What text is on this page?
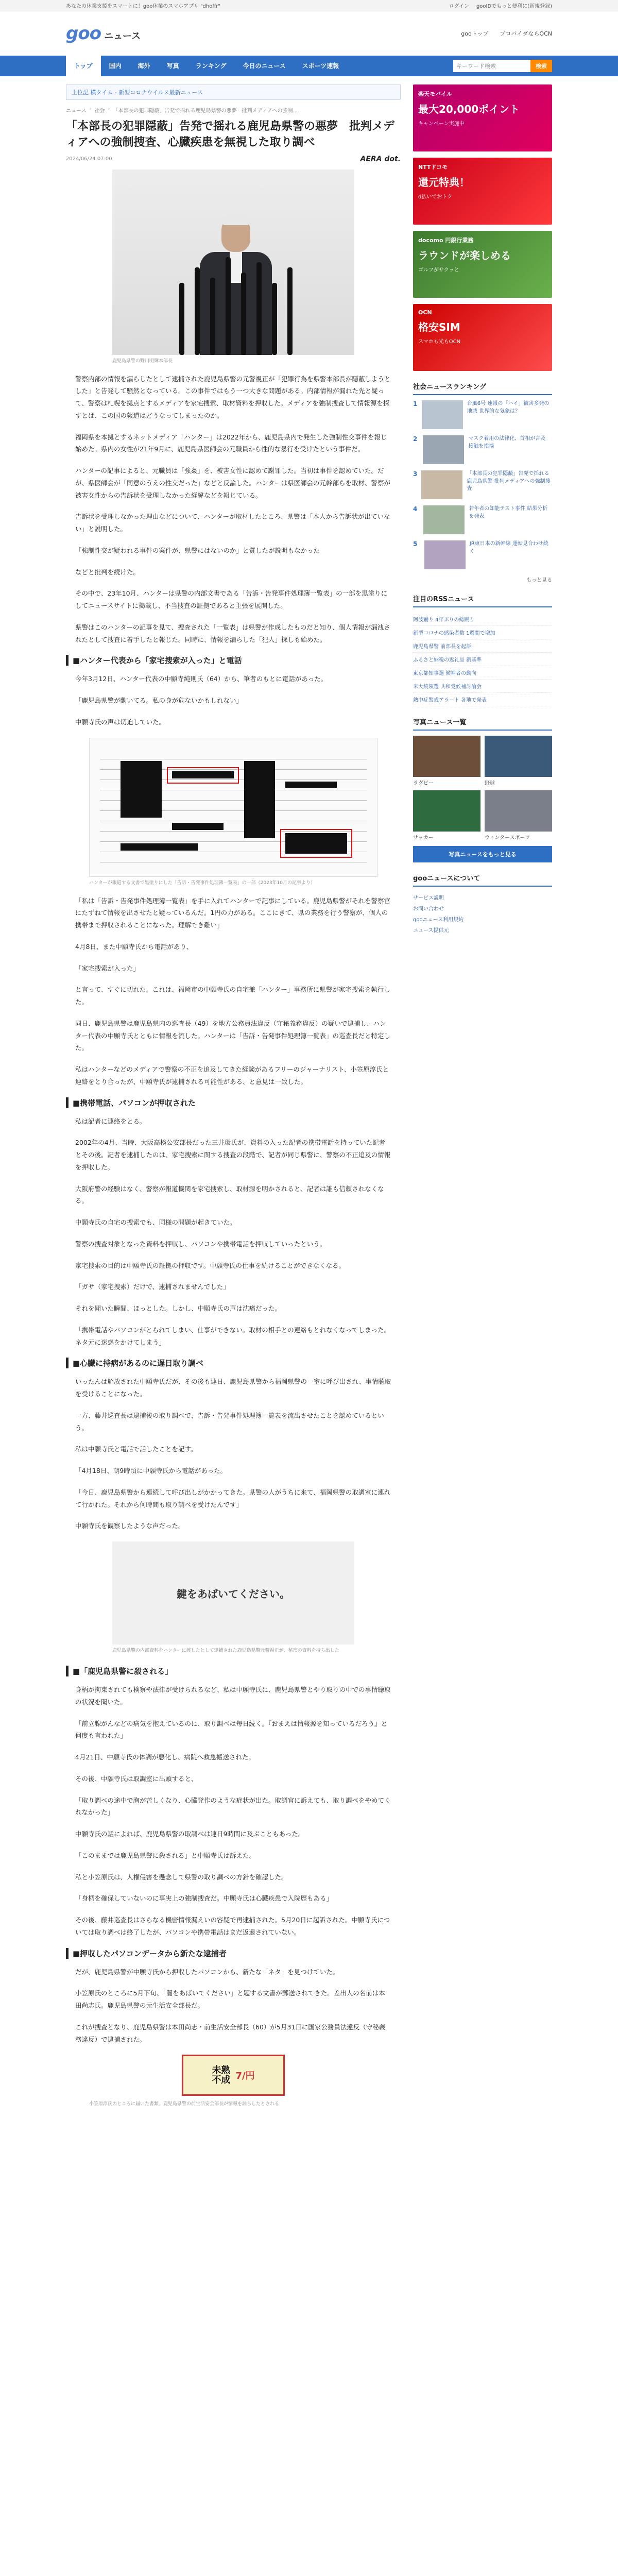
あなたの休業支援をスマートに！goo休業のスマホアプリ "dhoffr"	ログイン gooIDでもっと便利に(新規登録)
goo ニュース	gooトップ プロバイダならOCN
トップ	国内	海外	写真	ランキング	今日のニュース	スポーツ速報
キーワード検索	検索
上位記 横タイム - 新型コロナウイルス最新ニュース
ニュース › 社会 › 「本部長の犯罪隠蔽」告発で揺れる鹿児島県警の悪夢　批判メディアへの強制...
「本部長の犯罪隠蔽」告発で揺れる鹿児島県警の悪夢　批判メディアへの強制捜査、心臓疾患を無視した取り調べ
2024/06/24 07:00	AERA dot.
鹿児島県警の野川明輝本部長

警察内部の情報を漏らしたとして逮捕された鹿児島県警の元警視正が「犯罪行為を県警本部長が隠蔽しようとした」と告発して騒然となっている。この事件ではもう一つ大きな問題がある。内部情報が漏れた先と疑って、警察は札幌を拠点とするメディアを家宅捜索、取材資料を押収した。メディアを強制捜査して情報源を探すとは、この国の報道はどうなってしまったのか。

福岡県を本拠とするネットメディア「ハンター」は2022年から、鹿児島県内で発生した強制性交事件を報じ始めた。県内の女性が21年9月に、鹿児島県医師会の元職員から性的な暴行を受けたという事件だ。

ハンターの記事によると、元職員は「強姦」を、被害女性に認めて謝罪した。当初は事件を認めていた。だが、県医師会が「同意のうえの性交だった」などと反論した。ハンターは県医師会の元幹部らを取材、警察が被害女性からの告訴状を受理しなかった経緯などを報じている。

告訴状を受理しなかった理由などについて、ハンターが取材したところ、県警は「本人から告訴状が出ていない」と説明した。

「強制性交が疑われる事件の案件が、県警にはないのか」と質したが説明もなかった

などと批判を続けた。

その中で、23年10月、ハンターは県警の内部文書である「告訴・告発事件処理簿一覧表」の一部を黒塗りにしてニュースサイトに掲載し、不当捜査の証拠であると主張を展開した。

県警はこのハンターの記事を見て、捜査された「一覧表」は県警が作成したものだと知り、個人情報が漏洩されたとして捜査に着手したと報じた。同時に、情報を漏らした「犯人」探しも始めた。

■ハンター代表から「家宅捜索が入った」と電話

今年3月12日、ハンター代表の中願寺純則氏（64）から、筆者のもとに電話があった。

「鹿児島県警が動いてる。私の身が危ないかもしれない」

中願寺氏の声は切迫していた。

ハンターが報道する文書で黒塗りにした「告訴・告発事件処理簿一覧表」の一部（2023年10月の記事より）

「私は「告訴・告発事件処理簿一覧表」を手に入れてハンターで記事にしている。鹿児島県警がそれを警察官にたずねて情報を出させたと疑っているんだ。1円の力がある。ここにきて、県の業務を行う警察が、個人の携帯まで押収されることになった。理解でき難い」

4月8日、また中願寺氏から電話があり、

「家宅捜索が入った」

と言って、すぐに切れた。これは、福岡市の中願寺氏の自宅兼「ハンター」事務所に県警が家宅捜索を執行した。

同日、鹿児島県警は鹿児島県内の巡査長（49）を地方公務員法違反（守秘義務違反）の疑いで逮捕し、ハンター代表の中願寺氏とともに情報を流した。ハンターは「告訴・告発事件処理簿一覧表」の巡査長だと特定した。

私はハンターなどのメディアで警察の不正を追及してきた経験があるフリーのジャーナリスト、小笠原淳氏と連絡をとり合ったが、中願寺氏が逮捕される可能性がある、と意見は一致した。

■携帯電話、パソコンが押収された

私は記者に連絡をとる。

2002年の4月、当時、大阪高検公安部長だった三井環氏が、資料の入った記者の携帯電話を持っていた記者とその後。記者を逮捕したのは、家宅捜索に関する捜査の段階で、記者が同じ県警に、警察の不正追及の情報を押収した。

大阪府警の経験はなく、警察が報道機関を家宅捜索し、取材源を明かされると、記者は誰も信頼されなくなる。

中願寺氏の自宅の捜索でも、同様の問題が起きていた。

警察の捜査対象となった資料を押収し、パソコンや携帯電話を押収していったという。

家宅捜索の目的は中願寺氏の証拠の押収です。中願寺氏の仕事を続けることができなくなる。

「ガサ（家宅捜索）だけで、逮捕されませんでした」

それを聞いた瞬間、ほっとした。しかし、中願寺氏の声は沈痛だった。

「携帯電話やパソコンがとられてしまい、仕事ができない。取材の相手との連絡もとれなくなってしまった。ネタ元に迷惑をかけてしまう」

■心臓に持病があるのに遅日取り調べ

いったんは解放された中願寺氏だが、その後も連日、鹿児島県警から福岡県警の一室に呼び出され、事情聴取を受けることになった。

一方、藤井巡査長は逮捕後の取り調べで、告訴・告発事件処理簿一覧表を流出させたことを認めているという。

私は中願寺氏と電話で話したことを記す。

「4月18日、朝9時頃に中願寺氏から電話があった。

「今日、鹿児島県警から連続して呼び出しがかかってきた。県警の人がうちに来て、福岡県警の取調室に連れて行かれた。それから何時間も取り調べを受けたんです」

中願寺氏を観察したような声だった。

鍵をあばいてください。
鹿児島県警の内部資料をハンターに渡したとして逮捕された鹿児島県警元警視正が、秘密の資料を持ち出した
■「鹿児島県警に殺される」

身柄が拘束されても検察や法律が受けられるなど、私は中願寺氏に、鹿児島県警とやり取りの中での事情聴取の状況を聞いた。

「前立腺がんなどの病気を抱えているのに、取り調べは毎日続く。『おまえは情報源を知っているだろう』と何度も言われた」

4月21日、中願寺氏の体調が悪化し、病院へ救急搬送された。

その後、中願寺氏は取調室に出頭すると、

「取り調べの途中で胸が苦しくなり、心臓発作のような症状が出た。取調官に訴えても、取り調べをやめてくれなかった」

中願寺氏の話によれば、鹿児島県警の取調べは連日9時間に及ぶこともあった。

「このままでは鹿児島県警に殺される」と中願寺氏は訴えた。

私と小笠原氏は、人権侵害を懸念して県警の取り調べの方針を確認した。

「身柄を確保していないのに事実上の強制捜査だ。中願寺氏は心臓疾患で入院歴もある」

その後、藤井巡査長はさらなる機密情報漏えいの容疑で再逮捕された。5月20日に起訴された。中願寺氏については取り調べは終了したが、パソコンや携帯電話はまだ返還されていない。

■押収したパソコンデータから新たな逮捕者

だが、鹿児島県警が中願寺氏から押収したパソコンから、新たな「ネタ」を見つけていた。

小笠原氏のところに5月下旬、「闇をあばいてください」と題する文書が郵送されてきた。差出人の名前は本田尚志氏。鹿児島県警の元生活安全部長だ。

これが捜査となり、鹿児島県警は本田尚志・前生活安全部長（60）が5月31日に国家公務員法違反（守秘義務違反）で逮捕された。

未熟
不成 7/円
小笠原淳氏のところに届いた書類。鹿児島県警の前生活安全部長が情報を漏らしたとされる
楽天モバイル
最大20,000ポイント
キャンペーン実施中
NTTドコモ
還元特典！
d払いでおトク
docomo 円銀行業務
ラウンドが楽しめる
ゴルフがサクッと
OCN
格安SIM
スマホも光もOCN
社会ニュースランキング
1	台風6号 速報の「ハイ」被害多発の地域 世界的な気象は？
2	マスク着用の法律化、首相が言及 接触を指摘
3	「本部長の犯罪隠蔽」告発で揺れる鹿児島県警 批判メディアへの強制捜査
4	若年者の知能テスト事件 結果分析を発表
5	JR東日本の新幹線 運転見合わせ続く
もっと見る
注目のRSSニュース
阿波踊り 4年ぶりの総踊り
新型コロナの感染者数 1週間で増加
鹿児島県警 前部長を起訴
ふるさと納税の返礼品 新基準
東京都知事選 候補者の動向
米大統領選 共和党候補討論会
熱中症警戒アラート 各地で発表
写真ニュース一覧
ラグビー	野球
サッカー	ウィンタースポーツ
写真ニュースをもっと見る
gooニュースについて
サービス説明
お問い合わせ
gooニュース利用規約
ニュース提供元
